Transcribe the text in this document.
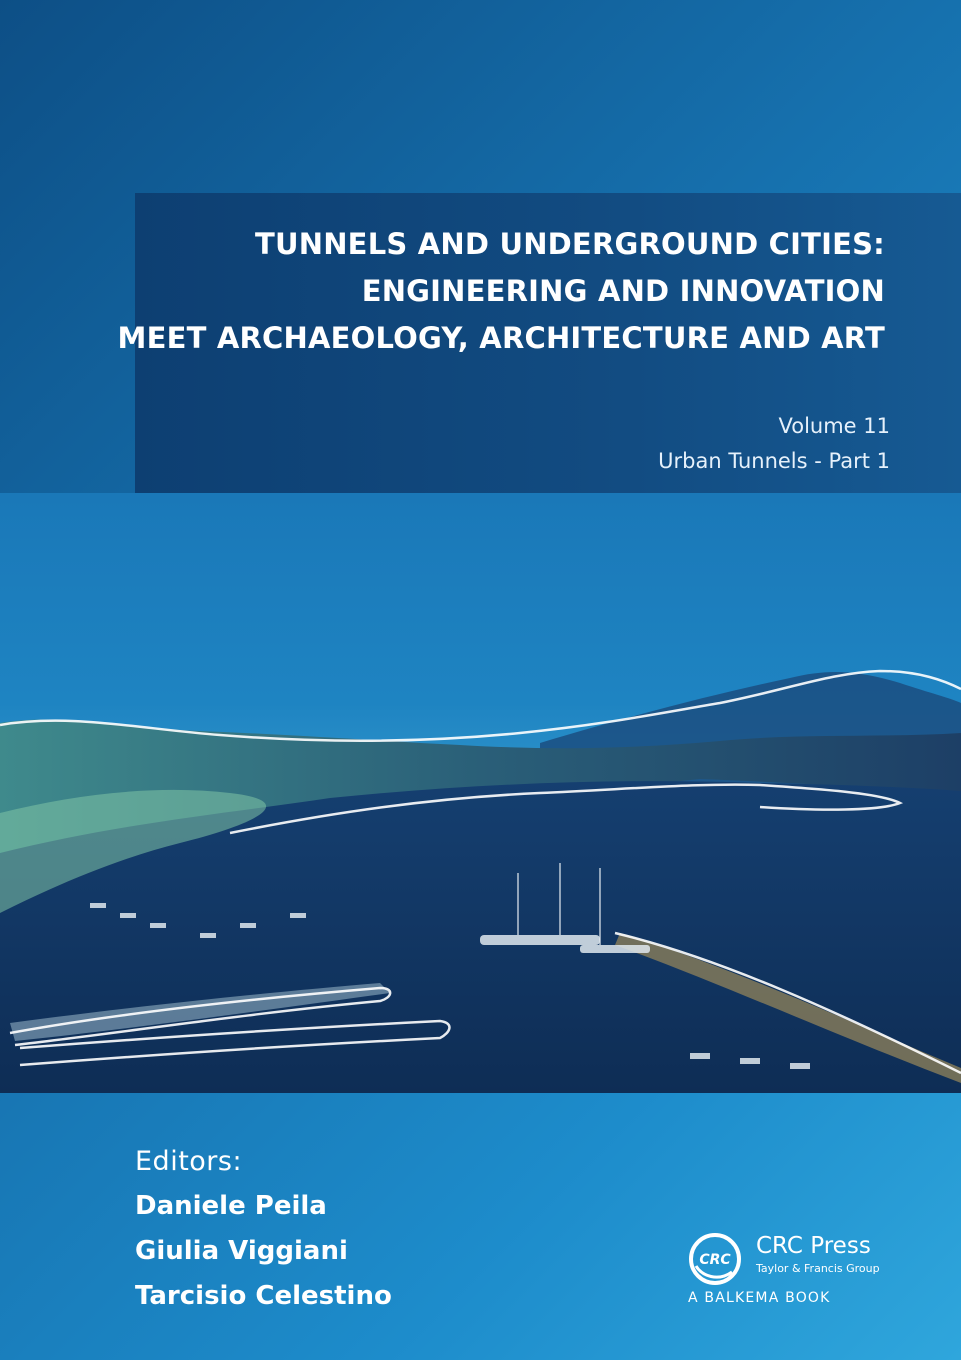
TUNNELS AND UNDERGROUND CITIES:
ENGINEERING AND INNOVATION
MEET ARCHAEOLOGY, ARCHITECTURE AND ART
Volume 11
Urban Tunnels - Part 1
Editors:
Daniele Peila
Giulia Viggiani
Tarcisio Celestino
CRC
CRC Press
Taylor & Francis Group
A BALKEMA BOOK
